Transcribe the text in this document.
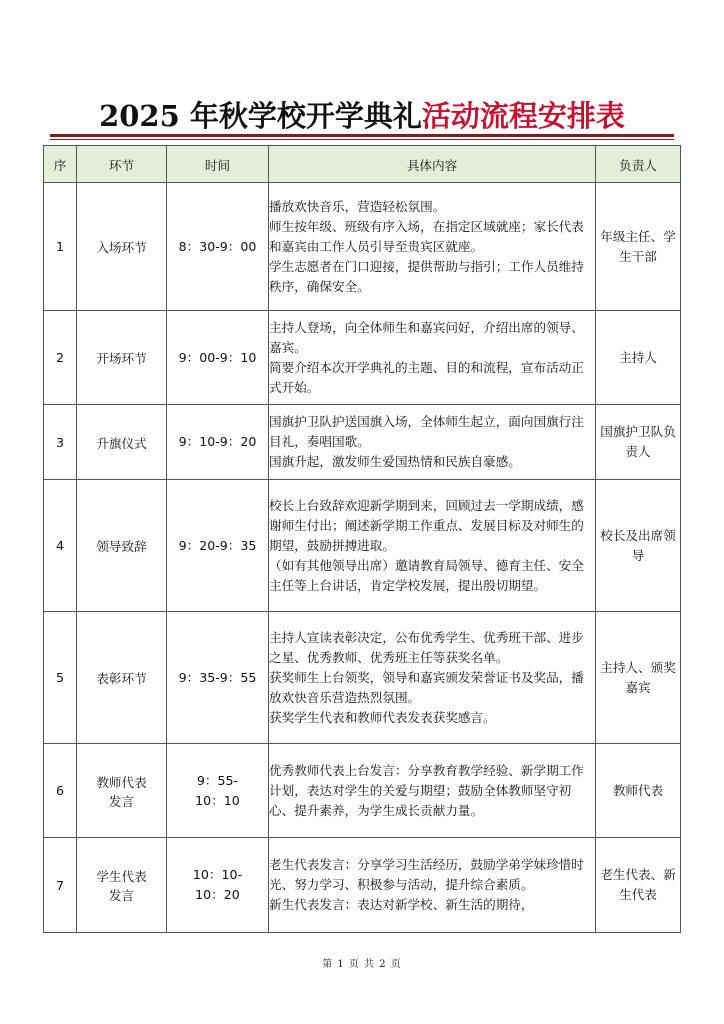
2025 年秋学校开学典礼活动流程安排表
序	环节	时间	具体内容	负责人
1	入场环节	8：30-9：00	播放欢快音乐，营造轻松氛围。

师生按年级、班级有序入场，在指定区域就座；家长代表和嘉宾由工作人员引导至贵宾区就座。

学生志愿者在门口迎接，提供帮助与指引；工作人员维持秩序，确保安全。	年级主任、学生干部
2	开场环节	9：00-9：10	主持人登场，向全体师生和嘉宾问好，介绍出席的领导、嘉宾。

简要介绍本次开学典礼的主题、目的和流程，宣布活动正式开始。	主持人
3	升旗仪式	9：10-9：20	国旗护卫队护送国旗入场，全体师生起立，面向国旗行注目礼，奏唱国歌。

国旗升起，激发师生爱国热情和民族自豪感。	国旗护卫队负责人
4	领导致辞	9：20-9：35	校长上台致辞欢迎新学期到来，回顾过去一学期成绩，感谢师生付出；阐述新学期工作重点、发展目标及对师生的期望，鼓励拼搏进取。

（如有其他领导出席）邀请教育局领导、德育主任、安全主任等上台讲话，肯定学校发展，提出殷切期望。	校长及出席领导
5	表彰环节	9：35-9：55	主持人宣读表彰决定，公布优秀学生、优秀班干部、进步之星、优秀教师、优秀班主任等获奖名单。

获奖师生上台领奖，领导和嘉宾颁发荣誉证书及奖品，播放欢快音乐营造热烈氛围。

获奖学生代表和教师代表发表获奖感言。	主持人、颁奖嘉宾
6	教师代表发言	9：55-10：10	优秀教师代表上台发言：分享教育教学经验、新学期工作计划，表达对学生的关爱与期望；鼓励全体教师坚守初心、提升素养，为学生成长贡献力量。	教师代表
7	学生代表发言	10：10-10：20	老生代表发言：分享学习生活经历，鼓励学弟学妹珍惜时光、努力学习、积极参与活动，提升综合素质。

新生代表发言：表达对新学校、新生活的期待，	老生代表、新生代表
第 1 页 共 2 页
